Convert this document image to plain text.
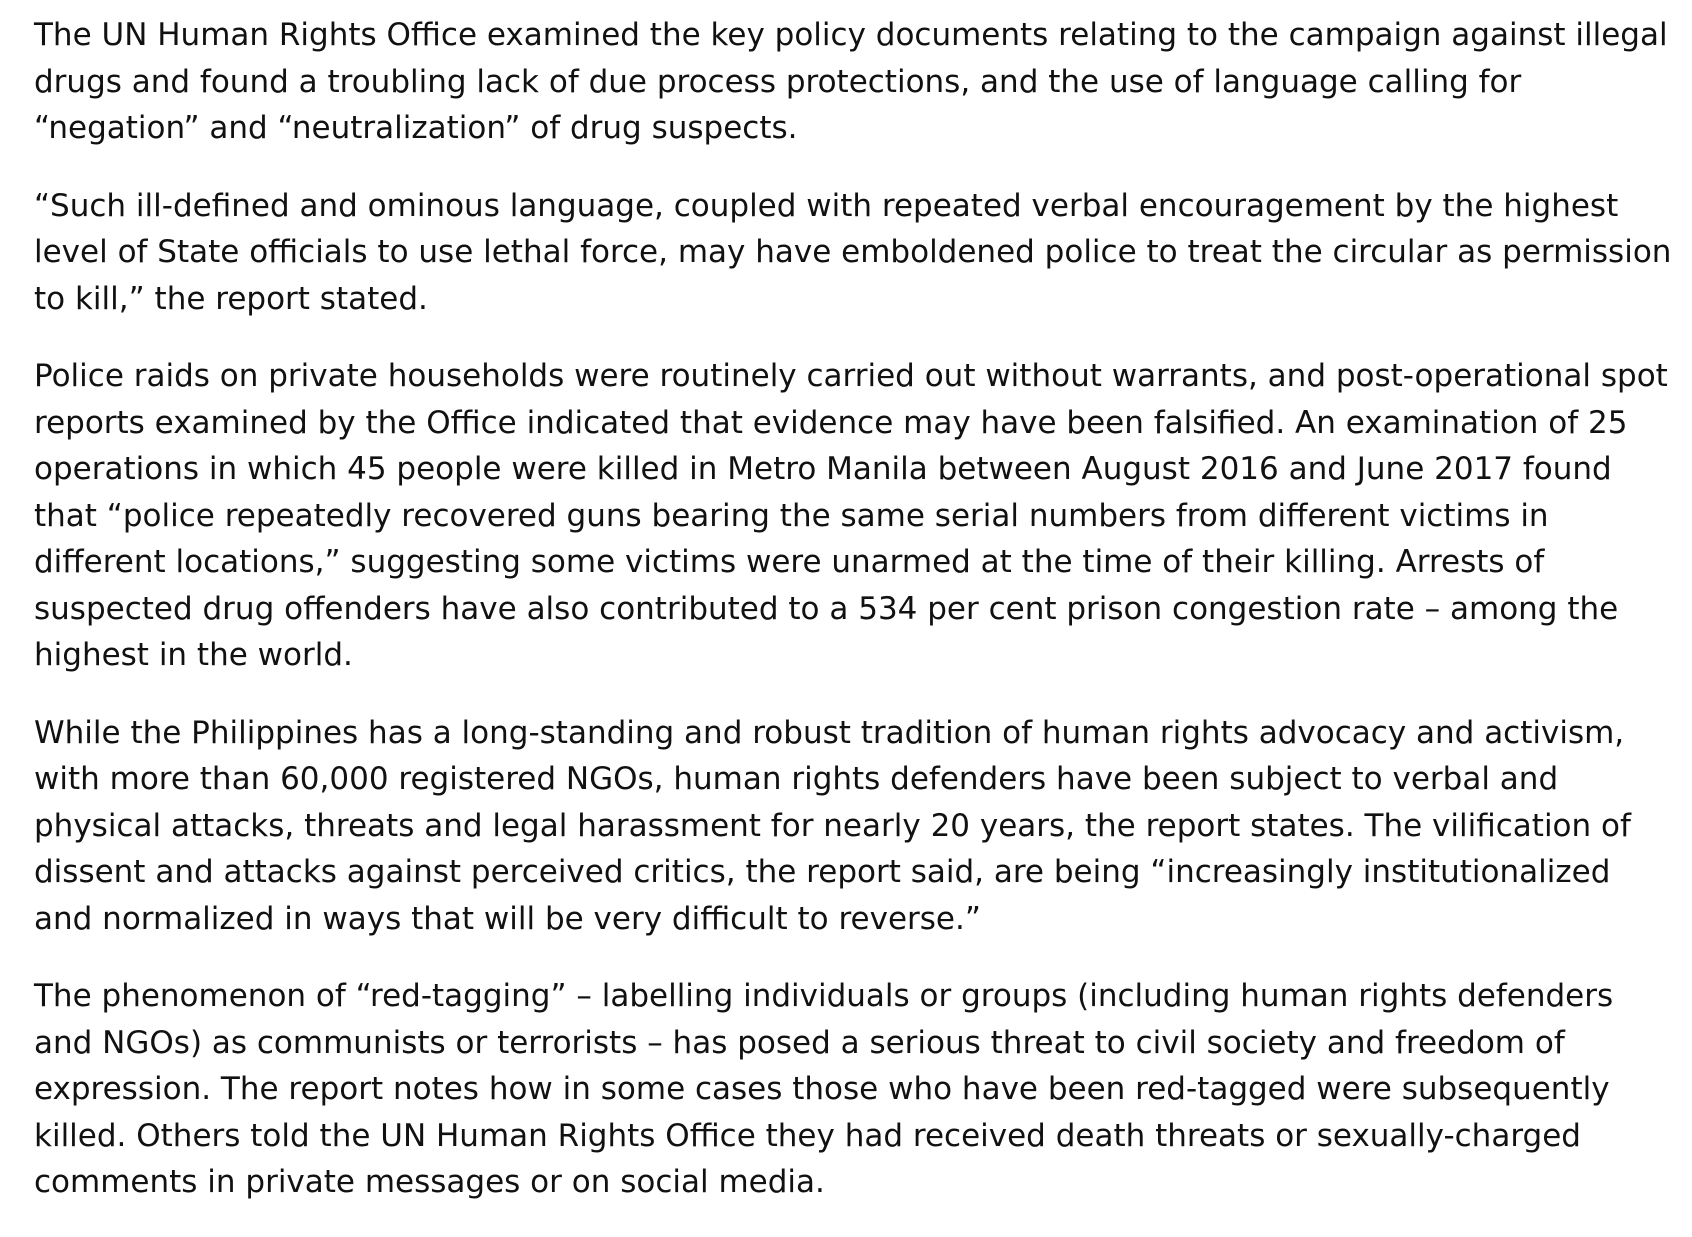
The UN Human Rights Office examined the key policy documents relating to the campaign against illegal drugs and found a troubling lack of due process protections, and the use of language calling for “negation” and “neutralization” of drug suspects.

“Such ill-defined and ominous language, coupled with repeated verbal encouragement by the highest level of State officials to use lethal force, may have emboldened police to treat the circular as permission to kill,” the report stated.

Police raids on private households were routinely carried out without warrants, and post-operational spot reports examined by the Office indicated that evidence may have been falsified. An examination of 25 operations in which 45 people were killed in Metro Manila between August 2016 and June 2017 found that “police repeatedly recovered guns bearing the same serial numbers from different victims in different locations,” suggesting some victims were unarmed at the time of their killing. Arrests of suspected drug offenders have also contributed to a 534 per cent prison congestion rate – among the highest in the world.

While the Philippines has a long-standing and robust tradition of human rights advocacy and activism, with more than 60,000 registered NGOs, human rights defenders have been subject to verbal and physical attacks, threats and legal harassment for nearly 20 years, the report states. The vilification of dissent and attacks against perceived critics, the report said, are being “increasingly institutionalized and normalized in ways that will be very difficult to reverse.”

The phenomenon of “red-tagging” – labelling individuals or groups (including human rights defenders and NGOs) as communists or terrorists – has posed a serious threat to civil society and freedom of expression. The report notes how in some cases those who have been red-tagged were subsequently killed. Others told the UN Human Rights Office they had received death threats or sexually-charged comments in private messages or on social media.
